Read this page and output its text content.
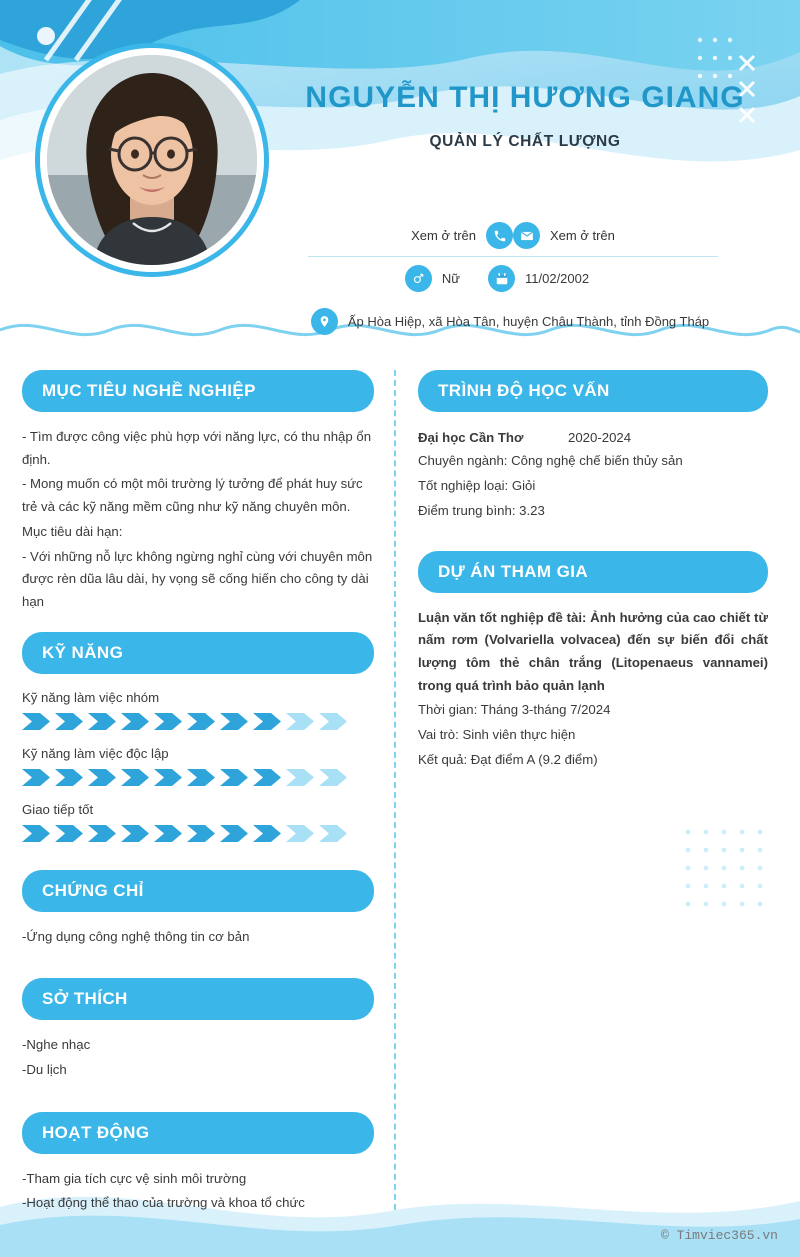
NGUYỄN THỊ HƯƠNG GIANG
QUẢN LÝ CHẤT LƯỢNG
Xem ở trên	Xem ở trên
Nữ	11/02/2002
Ấp Hòa Hiệp, xã Hòa Tân, huyện Châu Thành, tỉnh Đồng Tháp
MỤC TIÊU NGHỀ NGHIỆP

- Tìm được công việc phù hợp với năng lực, có thu nhập ổn định.

- Mong muốn có một môi trường lý tưởng để phát huy sức trẻ và các kỹ năng mềm cũng như kỹ năng chuyên môn.

Mục tiêu dài hạn:

- Với những nỗ lực không ngừng nghỉ cùng với chuyên môn được rèn dũa lâu dài, hy vọng sẽ cống hiến cho công ty dài hạn

KỸ NĂNG
Kỹ năng làm việc nhóm
Kỹ năng làm việc độc lập
Giao tiếp tốt
CHỨNG CHỈ

-Ứng dụng công nghệ thông tin cơ bản

SỞ THÍCH

-Nghe nhạc

-Du lịch

HOẠT ĐỘNG

-Tham gia tích cực vệ sinh môi trường

-Hoạt động thể thao của trường và khoa tổ chức

TRÌNH ĐỘ HỌC VẤN
Đại học Cần Thơ	2020-2024

Chuyên ngành: Công nghệ chế biến thủy sản

Tốt nghiệp loại: Giỏi

Điểm trung bình: 3.23

DỰ ÁN THAM GIA

Luận văn tốt nghiệp đề tài: Ảnh hưởng của cao chiết từ nấm rơm (Volvariella volvacea) đến sự biến đổi chất lượng tôm thẻ chân trắng (Litopenaeus vannamei) trong quá trình bảo quản lạnh

Thời gian: Tháng 3-tháng 7/2024

Vai trò: Sinh viên thực hiện

Kết quả: Đạt điểm A (9.2 điểm)

© Timviec365.vn
